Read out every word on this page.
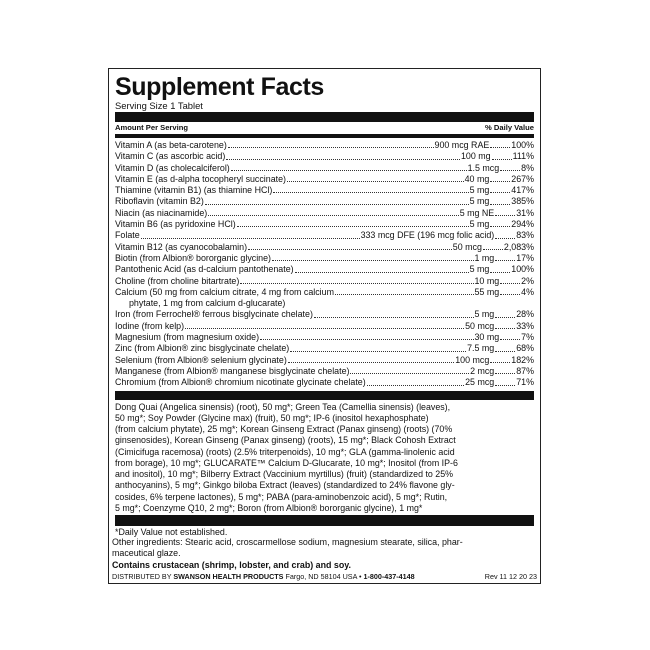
Supplement Facts
Serving Size 1 Tablet
Amount Per Serving	% Daily Value
Vitamin A (as beta-carotene)	900 mcg RAE 100%
Vitamin C (as ascorbic acid)	100 mg 111%
Vitamin D (as cholecalciferol)	1.5 mcg 8%
Vitamin E (as d-alpha tocopheryl succinate)	40 mg 267%
Thiamine (vitamin B1) (as thiamine HCl)	5 mg 417%
Riboflavin (vitamin B2)	5 mg 385%
Niacin (as niacinamide)	5 mg NE 31%
Vitamin B6 (as pyridoxine HCl)	5 mg 294%
Folate	333 mcg DFE (196 mcg folic acid) 83%
Vitamin B12 (as cyanocobalamin)	50 mcg 2,083%
Biotin (from Albion® bororganic glycine)	1 mg 17%
Pantothenic Acid (as d-calcium pantothenate)	5 mg 100%
Choline (from choline bitartrate)	10 mg 2%
Calcium (50 mg from calcium citrate, 4 mg from calcium	55 mg 4%
phytate, 1 mg from calcium d-glucarate)
Iron (from Ferrochel® ferrous bisglycinate chelate)	5 mg 28%
Iodine (from kelp)	50 mcg 33%
Magnesium (from magnesium oxide)	30 mg 7%
Zinc (from Albion® zinc bisglycinate chelate)	7.5 mg 68%
Selenium (from Albion® selenium glycinate)	100 mcg 182%
Manganese (from Albion® manganese bisglycinate chelate)	2 mcg 87%
Chromium (from Albion® chromium nicotinate glycinate chelate)	25 mcg 71%
Dong Quai (Angelica sinensis) (root), 50 mg*; Green Tea (Camellia sinensis) (leaves),
50 mg*; Soy Powder (Glycine max) (fruit), 50 mg*; IP-6 (inositol hexaphosphate)
(from calcium phytate), 25 mg*; Korean Ginseng Extract (Panax ginseng) (roots) (70%
ginsenosides), Korean Ginseng (Panax ginseng) (roots), 15 mg*; Black Cohosh Extract
(Cimicifuga racemosa) (roots) (2.5% triterpenoids), 10 mg*; GLA (gamma-linolenic acid
from borage), 10 mg*; GLUCARATE™ Calcium D-Glucarate, 10 mg*; Inositol (from IP-6
and inositol), 10 mg*; Bilberry Extract (Vaccinium myrtillus) (fruit) (standardized to 25%
anthocyanins), 5 mg*; Ginkgo biloba Extract (leaves) (standardized to 24% flavone gly-
cosides, 6% terpene lactones), 5 mg*; PABA (para-aminobenzoic acid), 5 mg*; Rutin,
5 mg*; Coenzyme Q10, 2 mg*; Boron (from Albion® bororganic glycine), 1 mg*
*Daily Value not established.
Other ingredients: Stearic acid, croscarmellose sodium, magnesium stearate, silica, phar-
maceutical glaze.
Contains crustacean (shrimp, lobster, and crab) and soy.
DISTRIBUTED BY SWANSON HEALTH PRODUCTS Fargo, ND 58104 USA • 1-800-437-4148	Rev 11 12 20 23
